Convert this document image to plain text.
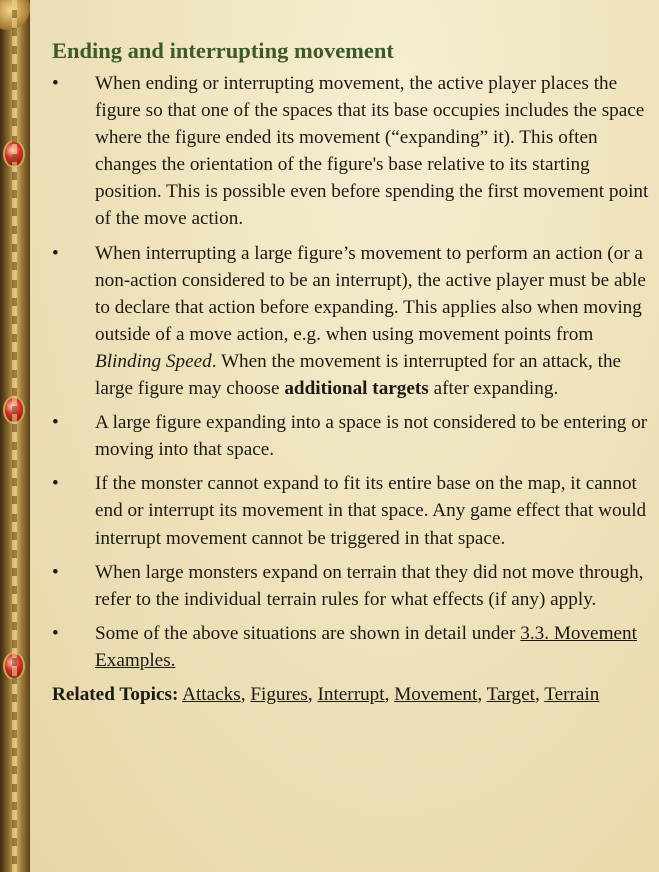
Ending and interrupting movement
• When ending or interrupting movement, the active player places the figure so that one of the spaces that its base occupies includes the space where the figure ended its movement (“expanding” it). This often changes the orientation of the figure's base relative to its starting position. This is possible even before spending the first movement point of the move action.
• When interrupting a large figure’s movement to perform an action (or a non-action considered to be an interrupt), the active player must be able to declare that action before expanding. This applies also when moving outside of a move action, e.g. when using movement points from Blinding Speed. When the movement is interrupted for an attack, the large figure may choose additional targets after expanding.
• A large figure expanding into a space is not considered to be entering or moving into that space.
• If the monster cannot expand to fit its entire base on the map, it cannot end or interrupt its movement in that space. Any game effect that would interrupt movement cannot be triggered in that space.
• When large monsters expand on terrain that they did not move through, refer to the individual terrain rules for what effects (if any) apply.
• Some of the above situations are shown in detail under 3.3. Movement Examples.
Related Topics: Attacks, Figures, Interrupt, Movement, Target, Terrain
